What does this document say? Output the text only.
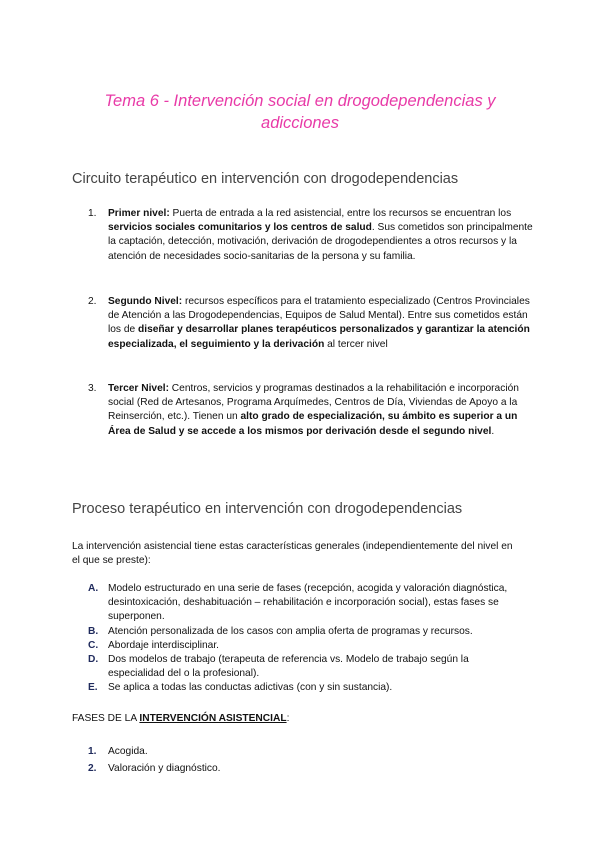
Tema 6 - Intervención social en drogodependencias y adicciones
Circuito terapéutico en intervención con drogodependencias
1. Primer nivel: Puerta de entrada a la red asistencial, entre los recursos se encuentran los servicios sociales comunitarios y los centros de salud. Sus cometidos son principalmente la captación, detección, motivación, derivación de drogodependientes a otros recursos y la atención de necesidades socio-sanitarias de la persona y su familia.
2. Segundo Nivel: recursos específicos para el tratamiento especializado (Centros Provinciales de Atención a las Drogodependencias, Equipos de Salud Mental). Entre sus cometidos están los de diseñar y desarrollar planes terapéuticos personalizados y garantizar la atención especializada, el seguimiento y la derivación al tercer nivel
3. Tercer Nivel: Centros, servicios y programas destinados a la rehabilitación e incorporación social (Red de Artesanos, Programa Arquímedes, Centros de Día, Viviendas de Apoyo a la Reinserción, etc.). Tienen un alto grado de especialización, su ámbito es superior a un Área de Salud y se accede a los mismos por derivación desde el segundo nivel.
Proceso terapéutico en intervención con drogodependencias

La intervención asistencial tiene estas características generales (independientemente del nivel en el que se preste):

A. Modelo estructurado en una serie de fases (recepción, acogida y valoración diagnóstica, desintoxicación, deshabituación – rehabilitación e incorporación social), estas fases se superponen.
B. Atención personalizada de los casos con amplia oferta de programas y recursos.
C. Abordaje interdisciplinar.
D. Dos modelos de trabajo (terapeuta de referencia vs. Modelo de trabajo según la especialidad del o la profesional).
E. Se aplica a todas las conductas adictivas (con y sin sustancia).
FASES DE LA INTERVENCIÓN ASISTENCIAL:
1. Acogida.
2. Valoración y diagnóstico.
